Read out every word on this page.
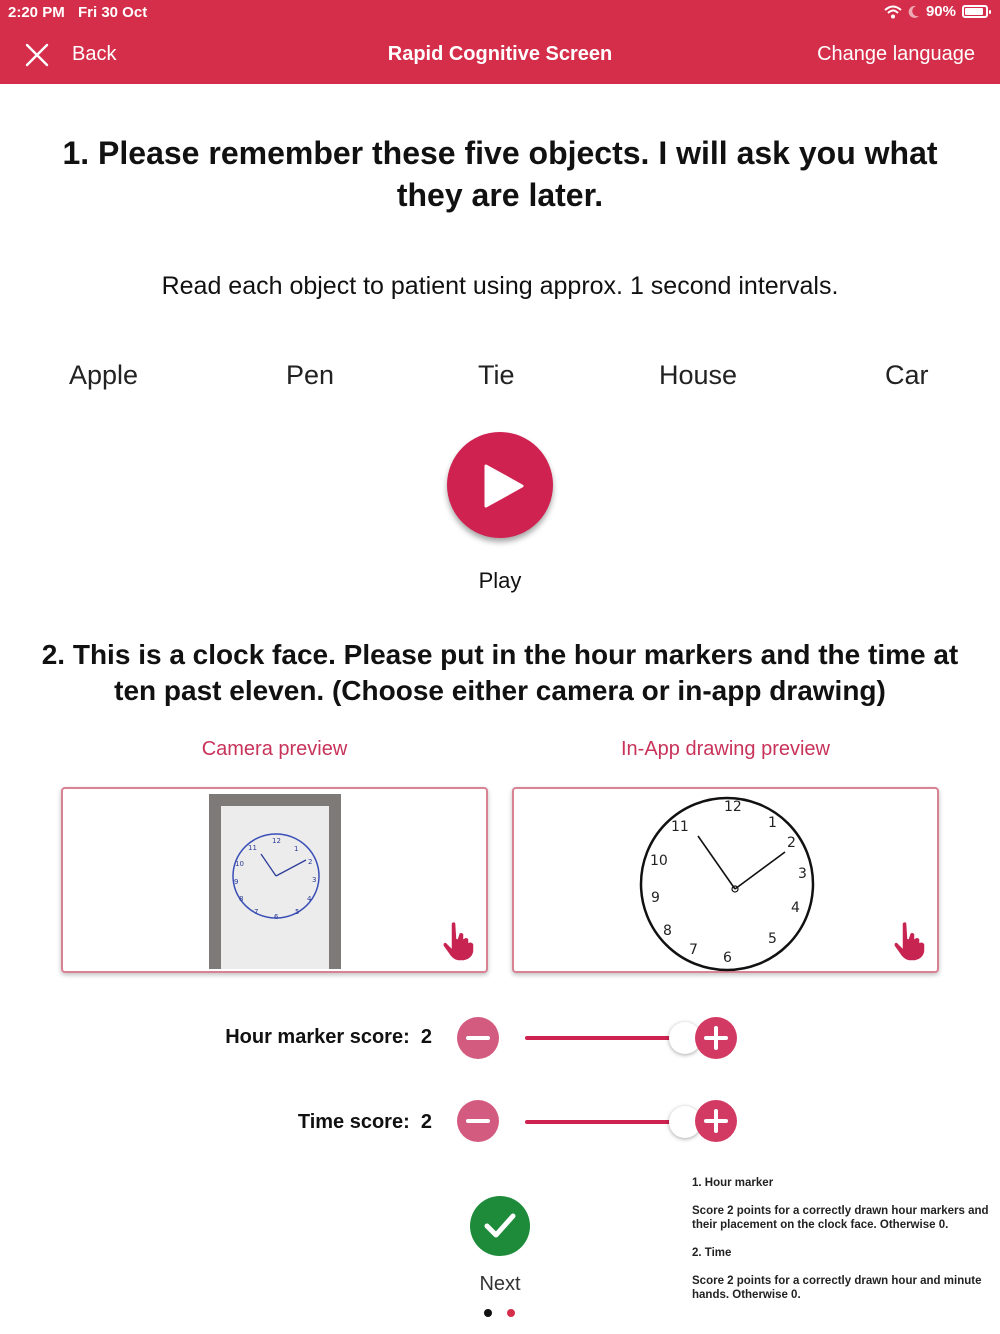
2:20 PM Fri 30 Oct	90%
Back	Rapid Cognitive Screen	Change language
1. Please remember these five objects. I will ask you what they are later.
Read each object to patient using approx. 1 second intervals.
Apple	Pen	Tie	House	Car
Play
2. This is a clock face. Please put in the hour markers and the time at ten past eleven. (Choose either camera or in-app drawing)
Camera preview	In-App drawing preview
12
1
2
3
4
5
6
7
8
9
10
11
12
1
2
3
4
5
6
7
8
9
10
11
Hour marker score: 2
Time score: 2
Next

1. Hour marker

Score 2 points for a correctly drawn hour markers and their placement on the clock face. Otherwise 0.

2. Time

Score 2 points for a correctly drawn hour and minute hands. Otherwise 0.
